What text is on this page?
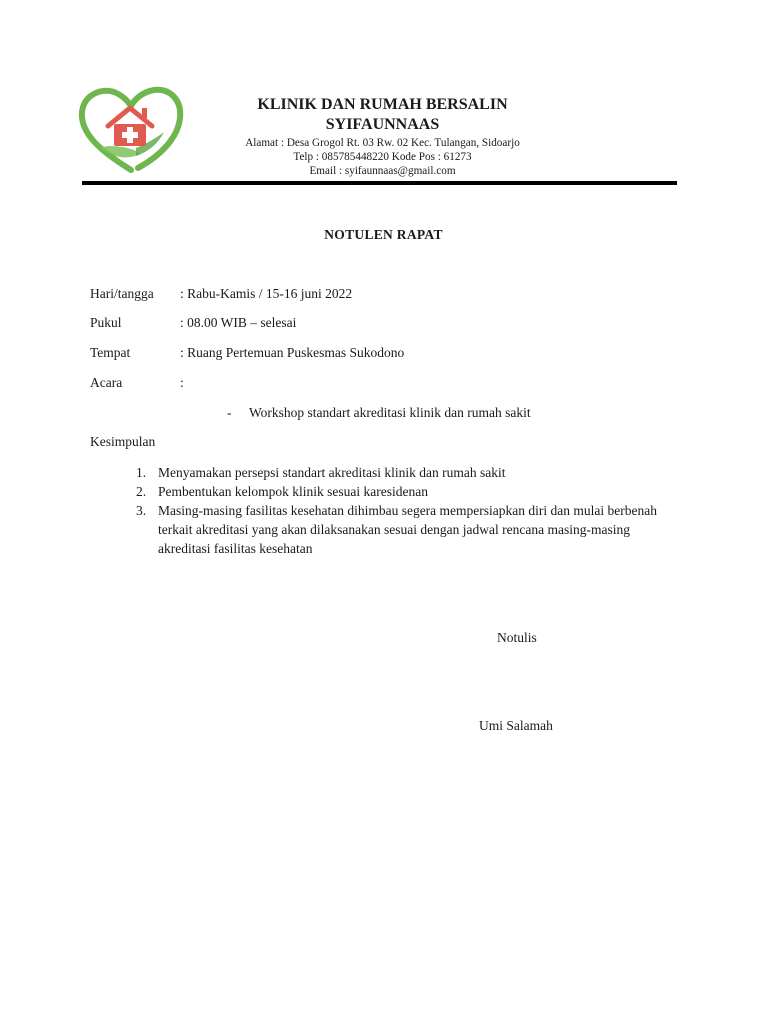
KLINIK DAN RUMAH BERSALIN

SYIFAUNNAAS

Alamat : Desa Grogol Rt. 03 Rw. 02 Kec. Tulangan, Sidoarjo

Telp : 085785448220 Kode Pos : 61273

Email : syifaunnaas@gmail.com

NOTULEN RAPAT

Hari/tangga : Rabu-Kamis / 15-16 juni 2022

Pukul	: 08.00 WIB – selesai

Tempat	: Ruang Pertemuan Puskesmas Sukodono

Acara	:

- Workshop standart akreditasi klinik dan rumah sakit

Kesimpulan

1. Menyamakan persepsi standart akreditasi klinik dan rumah sakit
2. Pembentukan kelompok klinik sesuai karesidenan
3. Masing-masing fasilitas kesehatan dihimbau segera mempersiapkan diri dan mulai berbenah terkait akreditasi yang akan dilaksanakan sesuai dengan jadwal rencana masing-masing akreditasi fasilitas kesehatan

Notulis

Umi Salamah
